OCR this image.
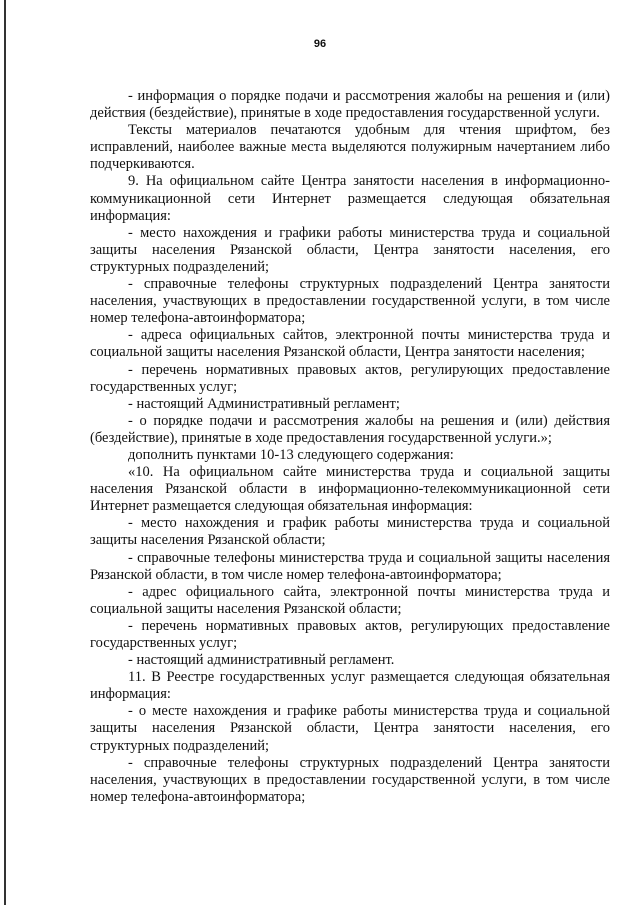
96

- информация о порядке подачи и рассмотрения жалобы на решения и (или) действия (бездействие), принятые в ходе предоставления государственной услуги.

Тексты материалов печатаются удобным для чтения шрифтом, без исправлений, наиболее важные места выделяются полужирным начертанием либо подчеркиваются.

9. На официальном сайте Центра занятости населения в информационно-коммуникационной сети Интернет размещается следующая обязательная информация:

- место нахождения и графики работы министерства труда и социальной защиты населения Рязанской области, Центра занятости населения, его структурных подразделений;

- справочные телефоны структурных подразделений Центра занятости населения, участвующих в предоставлении государственной услуги, в том числе номер телефона-автоинформатора;

- адреса официальных сайтов, электронной почты министерства труда и социальной защиты населения Рязанской области, Центра занятости населения;

- перечень нормативных правовых актов, регулирующих предоставление государственных услуг;

- настоящий Административный регламент;

- о порядке подачи и рассмотрения жалобы на решения и (или) действия (бездействие), принятые в ходе предоставления государственной услуги.»;

дополнить пунктами 10-13 следующего содержания:

«10. На официальном сайте министерства труда и социальной защиты населения Рязанской области в информационно-телекоммуникационной сети Интернет размещается следующая обязательная информация:

- место нахождения и график работы министерства труда и социальной защиты населения Рязанской области;

- справочные телефоны министерства труда и социальной защиты населения Рязанской области, в том числе номер телефона-автоинформатора;

- адрес официального сайта, электронной почты министерства труда и социальной защиты населения Рязанской области;

- перечень нормативных правовых актов, регулирующих предоставление государственных услуг;

- настоящий административный регламент.

11. В Реестре государственных услуг размещается следующая обязательная информация:

- о месте нахождения и графике работы министерства труда и социальной защиты населения Рязанской области, Центра занятости населения, его структурных подразделений;

- справочные телефоны структурных подразделений Центра занятости населения, участвующих в предоставлении государственной услуги, в том числе номер телефона-автоинформатора;
